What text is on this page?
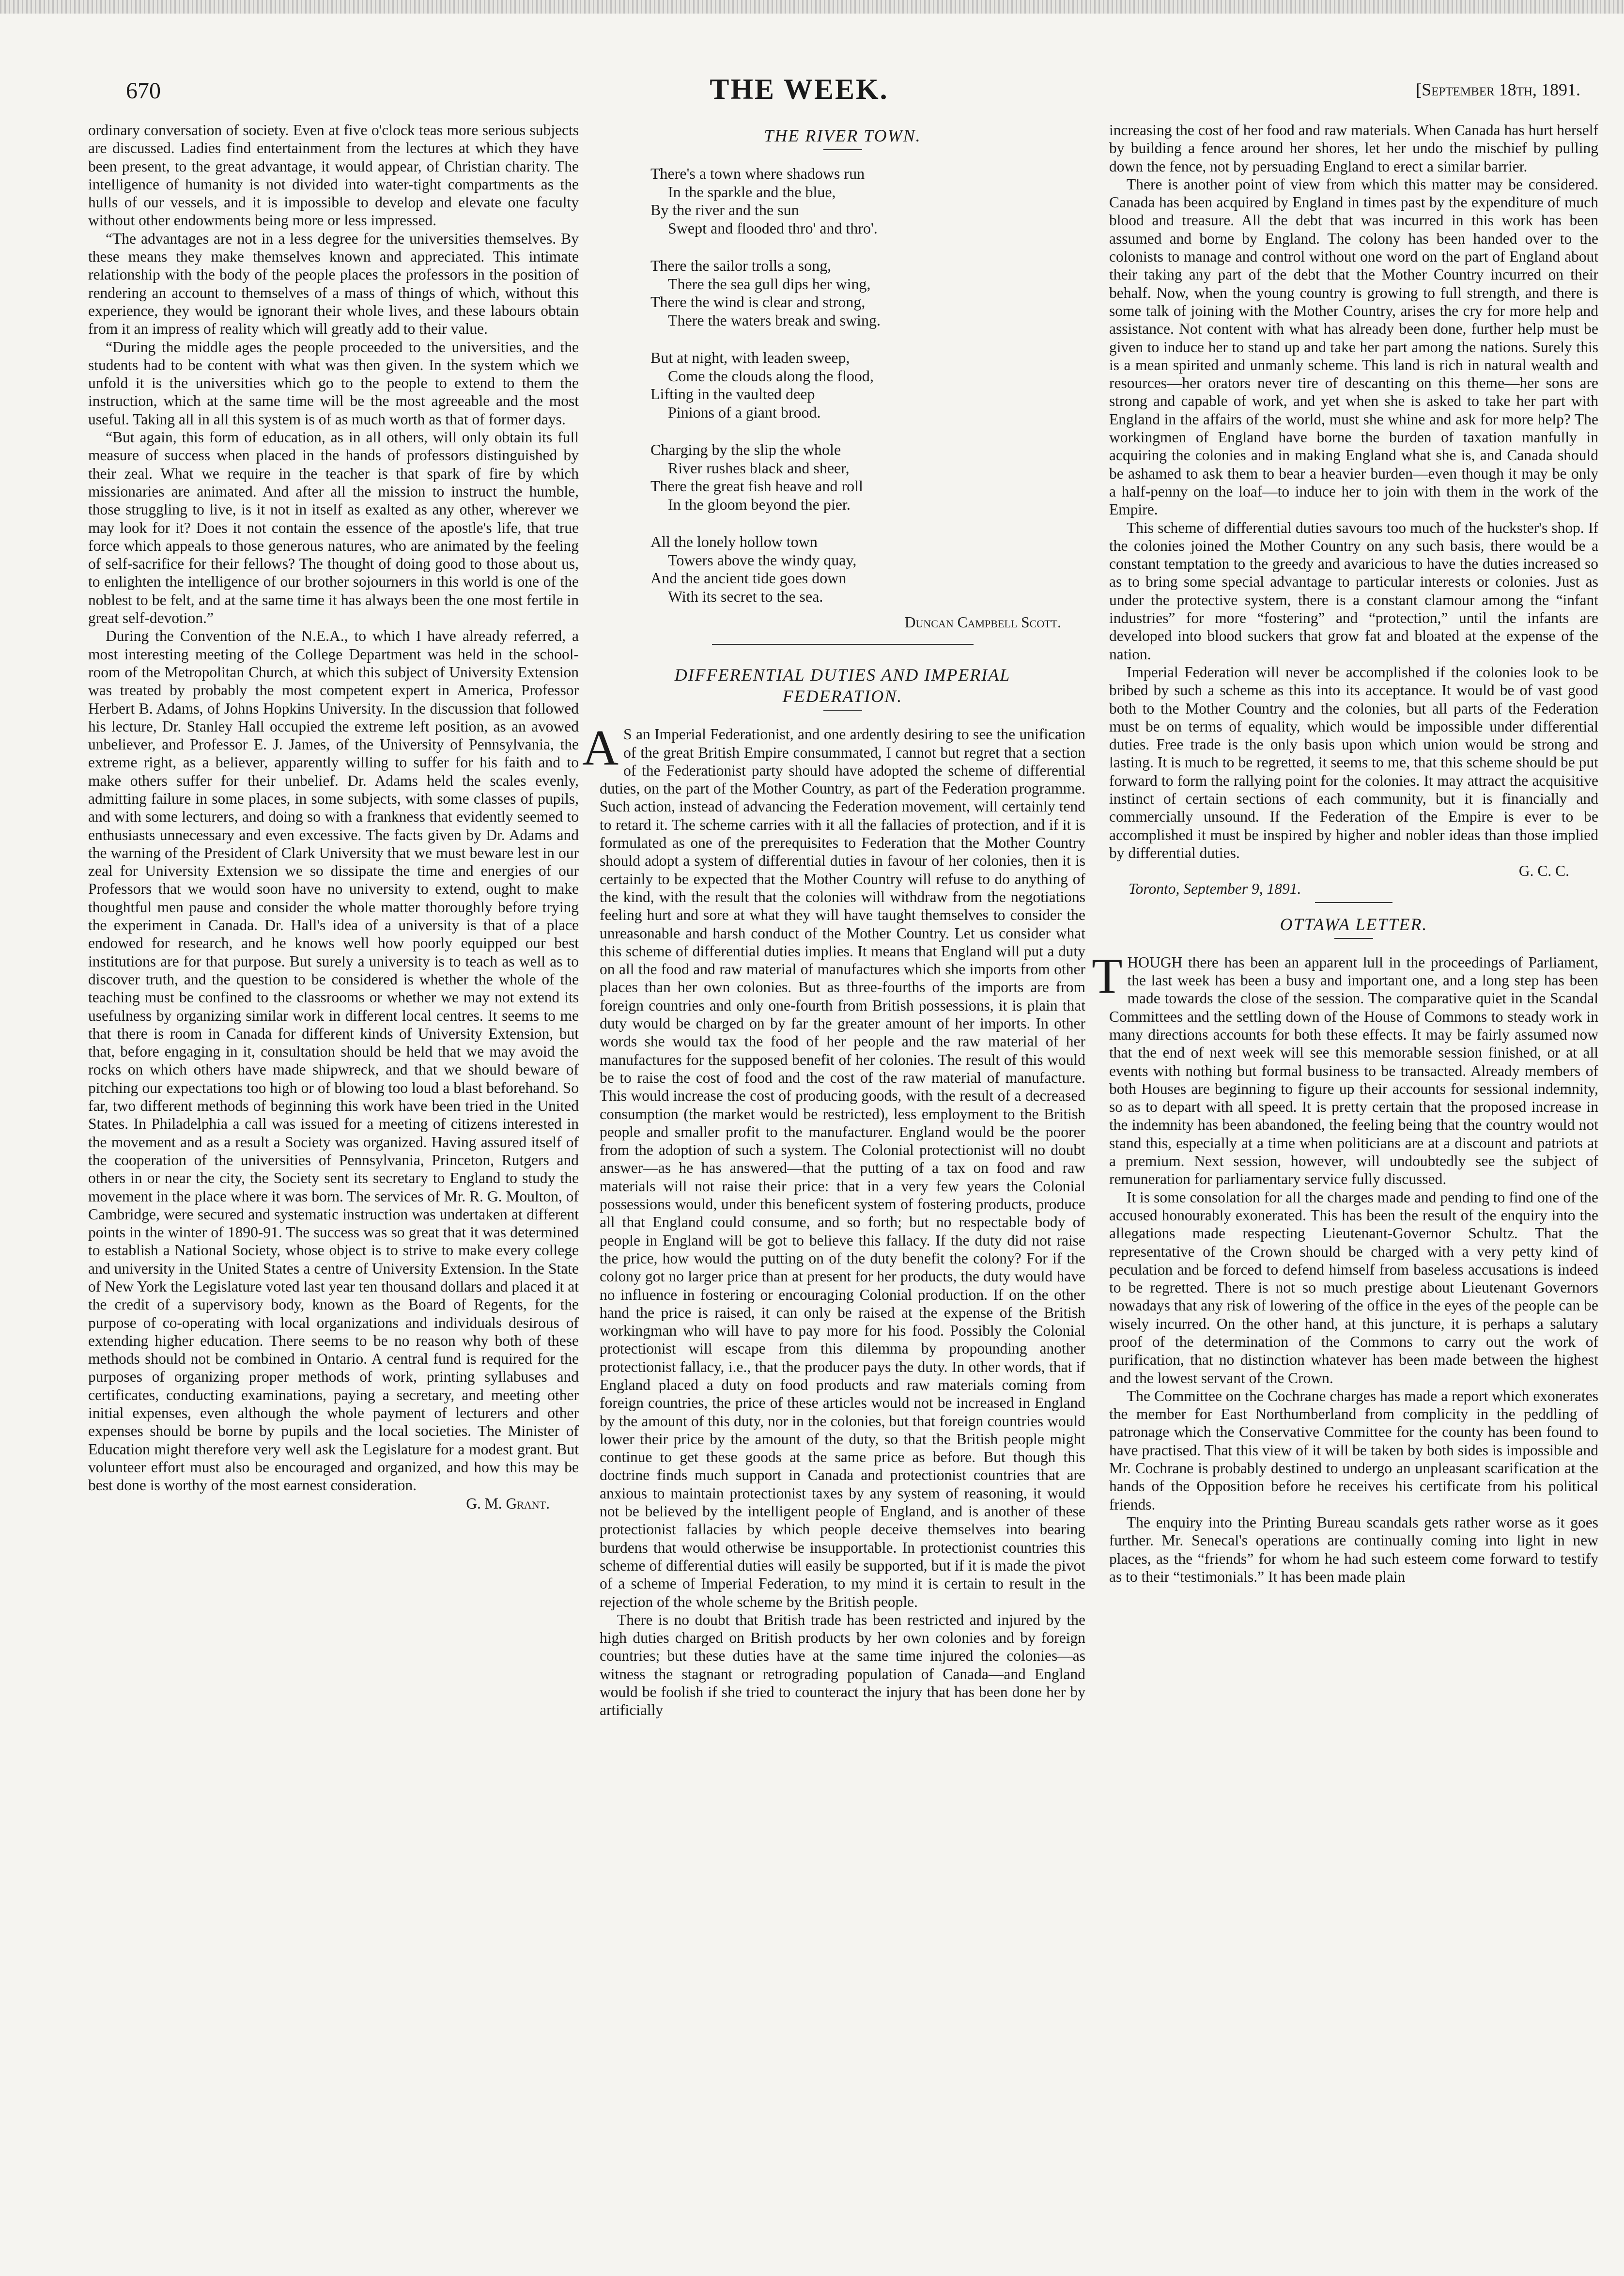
670	THE WEEK.	[September 18th, 1891.

ordinary conversation of society. Even at five o'clock teas more serious subjects are discussed. Ladies find entertainment from the lectures at which they have been present, to the great advantage, it would appear, of Christian charity. The intelligence of humanity is not divided into water-tight compartments as the hulls of our vessels, and it is impossible to develop and elevate one faculty without other endowments being more or less impressed.

“The advantages are not in a less degree for the universities themselves. By these means they make themselves known and appreciated. This intimate relationship with the body of the people places the professors in the position of rendering an account to themselves of a mass of things of which, without this experience, they would be ignorant their whole lives, and these labours obtain from it an impress of reality which will greatly add to their value.

“During the middle ages the people proceeded to the universities, and the students had to be content with what was then given. In the system which we unfold it is the universities which go to the people to extend to them the instruction, which at the same time will be the most agreeable and the most useful. Taking all in all this system is of as much worth as that of former days.

“But again, this form of education, as in all others, will only obtain its full measure of success when placed in the hands of professors distinguished by their zeal. What we require in the teacher is that spark of fire by which missionaries are animated. And after all the mission to instruct the humble, those struggling to live, is it not in itself as exalted as any other, wherever we may look for it? Does it not contain the essence of the apostle's life, that true force which appeals to those generous natures, who are animated by the feeling of self-sacrifice for their fellows? The thought of doing good to those about us, to enlighten the intelligence of our brother sojourners in this world is one of the noblest to be felt, and at the same time it has always been the one most fertile in great self-devotion.”

During the Convention of the N.E.A., to which I have already referred, a most interesting meeting of the College Department was held in the school-room of the Metropolitan Church, at which this subject of University Extension was treated by probably the most competent expert in America, Professor Herbert B. Adams, of Johns Hopkins University. In the discussion that followed his lecture, Dr. Stanley Hall occupied the extreme left position, as an avowed unbeliever, and Professor E. J. James, of the University of Pennsylvania, the extreme right, as a believer, apparently willing to suffer for his faith and to make others suffer for their unbelief. Dr. Adams held the scales evenly, admitting failure in some places, in some subjects, with some classes of pupils, and with some lecturers, and doing so with a frankness that evidently seemed to enthusiasts unnecessary and even excessive. The facts given by Dr. Adams and the warning of the President of Clark University that we must beware lest in our zeal for University Extension we so dissipate the time and energies of our Professors that we would soon have no university to extend, ought to make thoughtful men pause and consider the whole matter thoroughly before trying the experiment in Canada. Dr. Hall's idea of a university is that of a place endowed for research, and he knows well how poorly equipped our best institutions are for that purpose. But surely a university is to teach as well as to discover truth, and the question to be considered is whether the whole of the teaching must be confined to the classrooms or whether we may not extend its usefulness by organizing similar work in different local centres. It seems to me that there is room in Canada for different kinds of University Extension, but that, before engaging in it, consultation should be held that we may avoid the rocks on which others have made shipwreck, and that we should beware of pitching our expectations too high or of blowing too loud a blast beforehand. So far, two different methods of beginning this work have been tried in the United States. In Philadelphia a call was issued for a meeting of citizens interested in the movement and as a result a Society was organized. Having assured itself of the cooperation of the universities of Pennsylvania, Princeton, Rutgers and others in or near the city, the Society sent its secretary to England to study the movement in the place where it was born. The services of Mr. R. G. Moulton, of Cambridge, were secured and systematic instruction was undertaken at different points in the winter of 1890-91. The success was so great that it was determined to establish a National Society, whose object is to strive to make every college and university in the United States a centre of University Extension. In the State of New York the Legislature voted last year ten thousand dollars and placed it at the credit of a supervisory body, known as the Board of Regents, for the purpose of co-operating with local organizations and individuals desirous of extending higher education. There seems to be no reason why both of these methods should not be combined in Ontario. A central fund is required for the purposes of organizing proper methods of work, printing syllabuses and certificates, conducting examinations, paying a secretary, and meeting other initial expenses, even although the whole payment of lecturers and other expenses should be borne by pupils and the local societies. The Minister of Education might therefore very well ask the Legislature for a modest grant. But volunteer effort must also be encouraged and organized, and how this may be best done is worthy of the most earnest consideration.

G. M. Grant.

THE RIVER TOWN.
There's a town where shadows run
In the sparkle and the blue,
By the river and the sun
Swept and flooded thro' and thro'.
There the sailor trolls a song,
There the sea gull dips her wing,
There the wind is clear and strong,
There the waters break and swing.
But at night, with leaden sweep,
Come the clouds along the flood,
Lifting in the vaulted deep
Pinions of a giant brood.
Charging by the slip the whole
River rushes black and sheer,
There the great fish heave and roll
In the gloom beyond the pier.
All the lonely hollow town
Towers above the windy quay,
And the ancient tide goes down
With its secret to the sea.
Duncan Campbell Scott.
DIFFERENTIAL DUTIES AND IMPERIAL
FEDERATION.

A S an Imperial Federationist, and one ardently desiring to see the unification of the great British Empire consummated, I cannot but regret that a section of the Federationist party should have adopted the scheme of differential duties, on the part of the Mother Country, as part of the Federation programme. Such action, instead of advancing the Federation movement, will certainly tend to retard it. The scheme carries with it all the fallacies of protection, and if it is formulated as one of the prerequisites to Federation that the Mother Country should adopt a system of differential duties in favour of her colonies, then it is certainly to be expected that the Mother Country will refuse to do anything of the kind, with the result that the colonies will withdraw from the negotiations feeling hurt and sore at what they will have taught themselves to consider the unreasonable and harsh conduct of the Mother Country. Let us consider what this scheme of differential duties implies. It means that England will put a duty on all the food and raw material of manufactures which she imports from other places than her own colonies. But as three-fourths of the imports are from foreign countries and only one-fourth from British possessions, it is plain that duty would be charged on by far the greater amount of her imports. In other words she would tax the food of her people and the raw material of her manufactures for the supposed benefit of her colonies. The result of this would be to raise the cost of food and the cost of the raw material of manufacture. This would increase the cost of producing goods, with the result of a decreased consumption (the market would be restricted), less employment to the British people and smaller profit to the manufacturer. England would be the poorer from the adoption of such a system. The Colonial protectionist will no doubt answer—as he has answered—that the putting of a tax on food and raw materials will not raise their price: that in a very few years the Colonial possessions would, under this beneficent system of fostering products, produce all that England could consume, and so forth; but no respectable body of people in England will be got to believe this fallacy. If the duty did not raise the price, how would the putting on of the duty benefit the colony? For if the colony got no larger price than at present for her products, the duty would have no influence in fostering or encouraging Colonial production. If on the other hand the price is raised, it can only be raised at the expense of the British workingman who will have to pay more for his food. Possibly the Colonial protectionist will escape from this dilemma by propounding another protectionist fallacy, i.e., that the producer pays the duty. In other words, that if England placed a duty on food products and raw materials coming from foreign countries, the price of these articles would not be increased in England by the amount of this duty, nor in the colonies, but that foreign countries would lower their price by the amount of the duty, so that the British people might continue to get these goods at the same price as before. But though this doctrine finds much support in Canada and protectionist countries that are anxious to maintain protectionist taxes by any system of reasoning, it would not be believed by the intelligent people of England, and is another of these protectionist fallacies by which people deceive themselves into bearing burdens that would otherwise be insupportable. In protectionist countries this scheme of differential duties will easily be supported, but if it is made the pivot of a scheme of Imperial Federation, to my mind it is certain to result in the rejection of the whole scheme by the British people.

There is no doubt that British trade has been restricted and injured by the high duties charged on British products by her own colonies and by foreign countries; but these duties have at the same time injured the colonies—as witness the stagnant or retrograding population of Canada—and England would be foolish if she tried to counteract the injury that has been done her by artificially

increasing the cost of her food and raw materials. When Canada has hurt herself by building a fence around her shores, let her undo the mischief by pulling down the fence, not by persuading England to erect a similar barrier.

There is another point of view from which this matter may be considered. Canada has been acquired by England in times past by the expenditure of much blood and treasure. All the debt that was incurred in this work has been assumed and borne by England. The colony has been handed over to the colonists to manage and control without one word on the part of England about their taking any part of the debt that the Mother Country incurred on their behalf. Now, when the young country is growing to full strength, and there is some talk of joining with the Mother Country, arises the cry for more help and assistance. Not content with what has already been done, further help must be given to induce her to stand up and take her part among the nations. Surely this is a mean spirited and unmanly scheme. This land is rich in natural wealth and resources—her orators never tire of descanting on this theme—her sons are strong and capable of work, and yet when she is asked to take her part with England in the affairs of the world, must she whine and ask for more help? The workingmen of England have borne the burden of taxation manfully in acquiring the colonies and in making England what she is, and Canada should be ashamed to ask them to bear a heavier burden—even though it may be only a half-penny on the loaf—to induce her to join with them in the work of the Empire.

This scheme of differential duties savours too much of the huckster's shop. If the colonies joined the Mother Country on any such basis, there would be a constant temptation to the greedy and avaricious to have the duties increased so as to bring some special advantage to particular interests or colonies. Just as under the protective system, there is a constant clamour among the “infant industries” for more “fostering” and “protection,” until the infants are developed into blood suckers that grow fat and bloated at the expense of the nation.

Imperial Federation will never be accomplished if the colonies look to be bribed by such a scheme as this into its acceptance. It would be of vast good both to the Mother Country and the colonies, but all parts of the Federation must be on terms of equality, which would be impossible under differential duties. Free trade is the only basis upon which union would be strong and lasting. It is much to be regretted, it seems to me, that this scheme should be put forward to form the rallying point for the colonies. It may attract the acquisitive instinct of certain sections of each community, but it is financially and commercially unsound. If the Federation of the Empire is ever to be accomplished it must be inspired by higher and nobler ideas than those implied by differential duties.

G. C. C.

Toronto, September 9, 1891.

OTTAWA LETTER.

THOUGH there has been an apparent lull in the proceedings of Parliament, the last week has been a busy and important one, and a long step has been made towards the close of the session. The comparative quiet in the Scandal Committees and the settling down of the House of Commons to steady work in many directions accounts for both these effects. It may be fairly assumed now that the end of next week will see this memorable session finished, or at all events with nothing but formal business to be transacted. Already members of both Houses are beginning to figure up their accounts for sessional indemnity, so as to depart with all speed. It is pretty certain that the proposed increase in the indemnity has been abandoned, the feeling being that the country would not stand this, especially at a time when politicians are at a discount and patriots at a premium. Next session, however, will undoubtedly see the subject of remuneration for parliamentary service fully discussed.

It is some consolation for all the charges made and pending to find one of the accused honourably exonerated. This has been the result of the enquiry into the allegations made respecting Lieutenant-Governor Schultz. That the representative of the Crown should be charged with a very petty kind of peculation and be forced to defend himself from baseless accusations is indeed to be regretted. There is not so much prestige about Lieutenant Governors nowadays that any risk of lowering of the office in the eyes of the people can be wisely incurred. On the other hand, at this juncture, it is perhaps a salutary proof of the determination of the Commons to carry out the work of purification, that no distinction whatever has been made between the highest and the lowest servant of the Crown.

The Committee on the Cochrane charges has made a report which exonerates the member for East Northumberland from complicity in the peddling of patronage which the Conservative Committee for the county has been found to have practised. That this view of it will be taken by both sides is impossible and Mr. Cochrane is probably destined to undergo an unpleasant scarification at the hands of the Opposition before he receives his certificate from his political friends.

The enquiry into the Printing Bureau scandals gets rather worse as it goes further. Mr. Senecal's operations are continually coming into light in new places, as the “friends” for whom he had such esteem come forward to testify as to their “testimonials.” It has been made plain
